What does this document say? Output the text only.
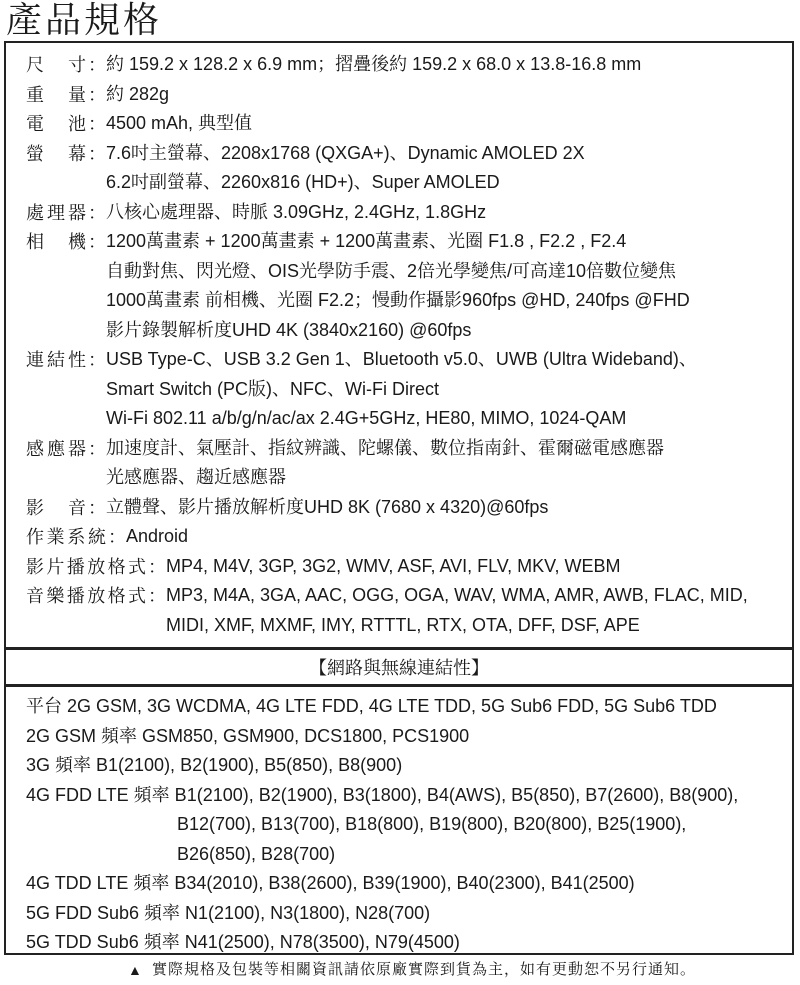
產品規格
尺　寸 ： 約 159.2 x 128.2 x 6.9 mm；摺疊後約 159.2 x 68.0 x 13.8-16.8 mm
重　量 ： 約 282g
電　池 ： 4500 mAh, 典型值
螢　幕 ： 7.6吋主螢幕、2208x1768 (QXGA+)、Dynamic AMOLED 2X
6.2吋副螢幕、2260x816 (HD+)、Super AMOLED
處理器 ： 八核心處理器、時脈 3.09GHz, 2.4GHz, 1.8GHz
相　機 ： 1200萬畫素 + 1200萬畫素 + 1200萬畫素、光圈 F1.8 , F2.2 , F2.4
自動對焦、閃光燈、OIS光學防手震、2倍光學變焦/可高達10倍數位變焦
1000萬畫素 前相機、光圈 F2.2；慢動作攝影960fps @HD, 240fps @FHD
影片錄製解析度UHD 4K (3840x2160) @60fps
連結性 ： USB Type-C、USB 3.2 Gen 1、Bluetooth v5.0、UWB (Ultra Wideband)、
Smart Switch (PC版)、NFC、Wi-Fi Direct
Wi-Fi 802.11 a/b/g/n/ac/ax 2.4G+5GHz, HE80, MIMO, 1024-QAM
感應器 ： 加速度計、氣壓計、指紋辨識、陀螺儀、數位指南針、霍爾磁電感應器
光感應器、趨近感應器
影　音 ： 立體聲、影片播放解析度UHD 8K (7680 x 4320)@60fps
作業系統 ： Android
影片播放格式 ： MP4, M4V, 3GP, 3G2, WMV, ASF, AVI, FLV, MKV, WEBM
音樂播放格式 ： MP3, M4A, 3GA, AAC, OGG, OGA, WAV, WMA, AMR, AWB, FLAC, MID,
MIDI, XMF, MXMF, IMY, RTTTL, RTX, OTA, DFF, DSF, APE
【網路與無線連結性】
平台 2G GSM, 3G WCDMA, 4G LTE FDD, 4G LTE TDD, 5G Sub6 FDD, 5G Sub6 TDD
2G GSM 頻率 GSM850, GSM900, DCS1800, PCS1900
3G 頻率 B1(2100), B2(1900), B5(850), B8(900)
4G FDD LTE 頻率 B1(2100), B2(1900), B3(1800), B4(AWS), B5(850), B7(2600), B8(900),
B12(700), B13(700), B18(800), B19(800), B20(800), B25(1900),
B26(850), B28(700)
4G TDD LTE 頻率 B34(2010), B38(2600), B39(1900), B40(2300), B41(2500)
5G FDD Sub6 頻率 N1(2100), N3(1800), N28(700)
5G TDD Sub6 頻率 N41(2500), N78(3500), N79(4500)
▲ 實際規格及包裝等相關資訊請依原廠實際到貨為主，如有更動恕不另行通知。
